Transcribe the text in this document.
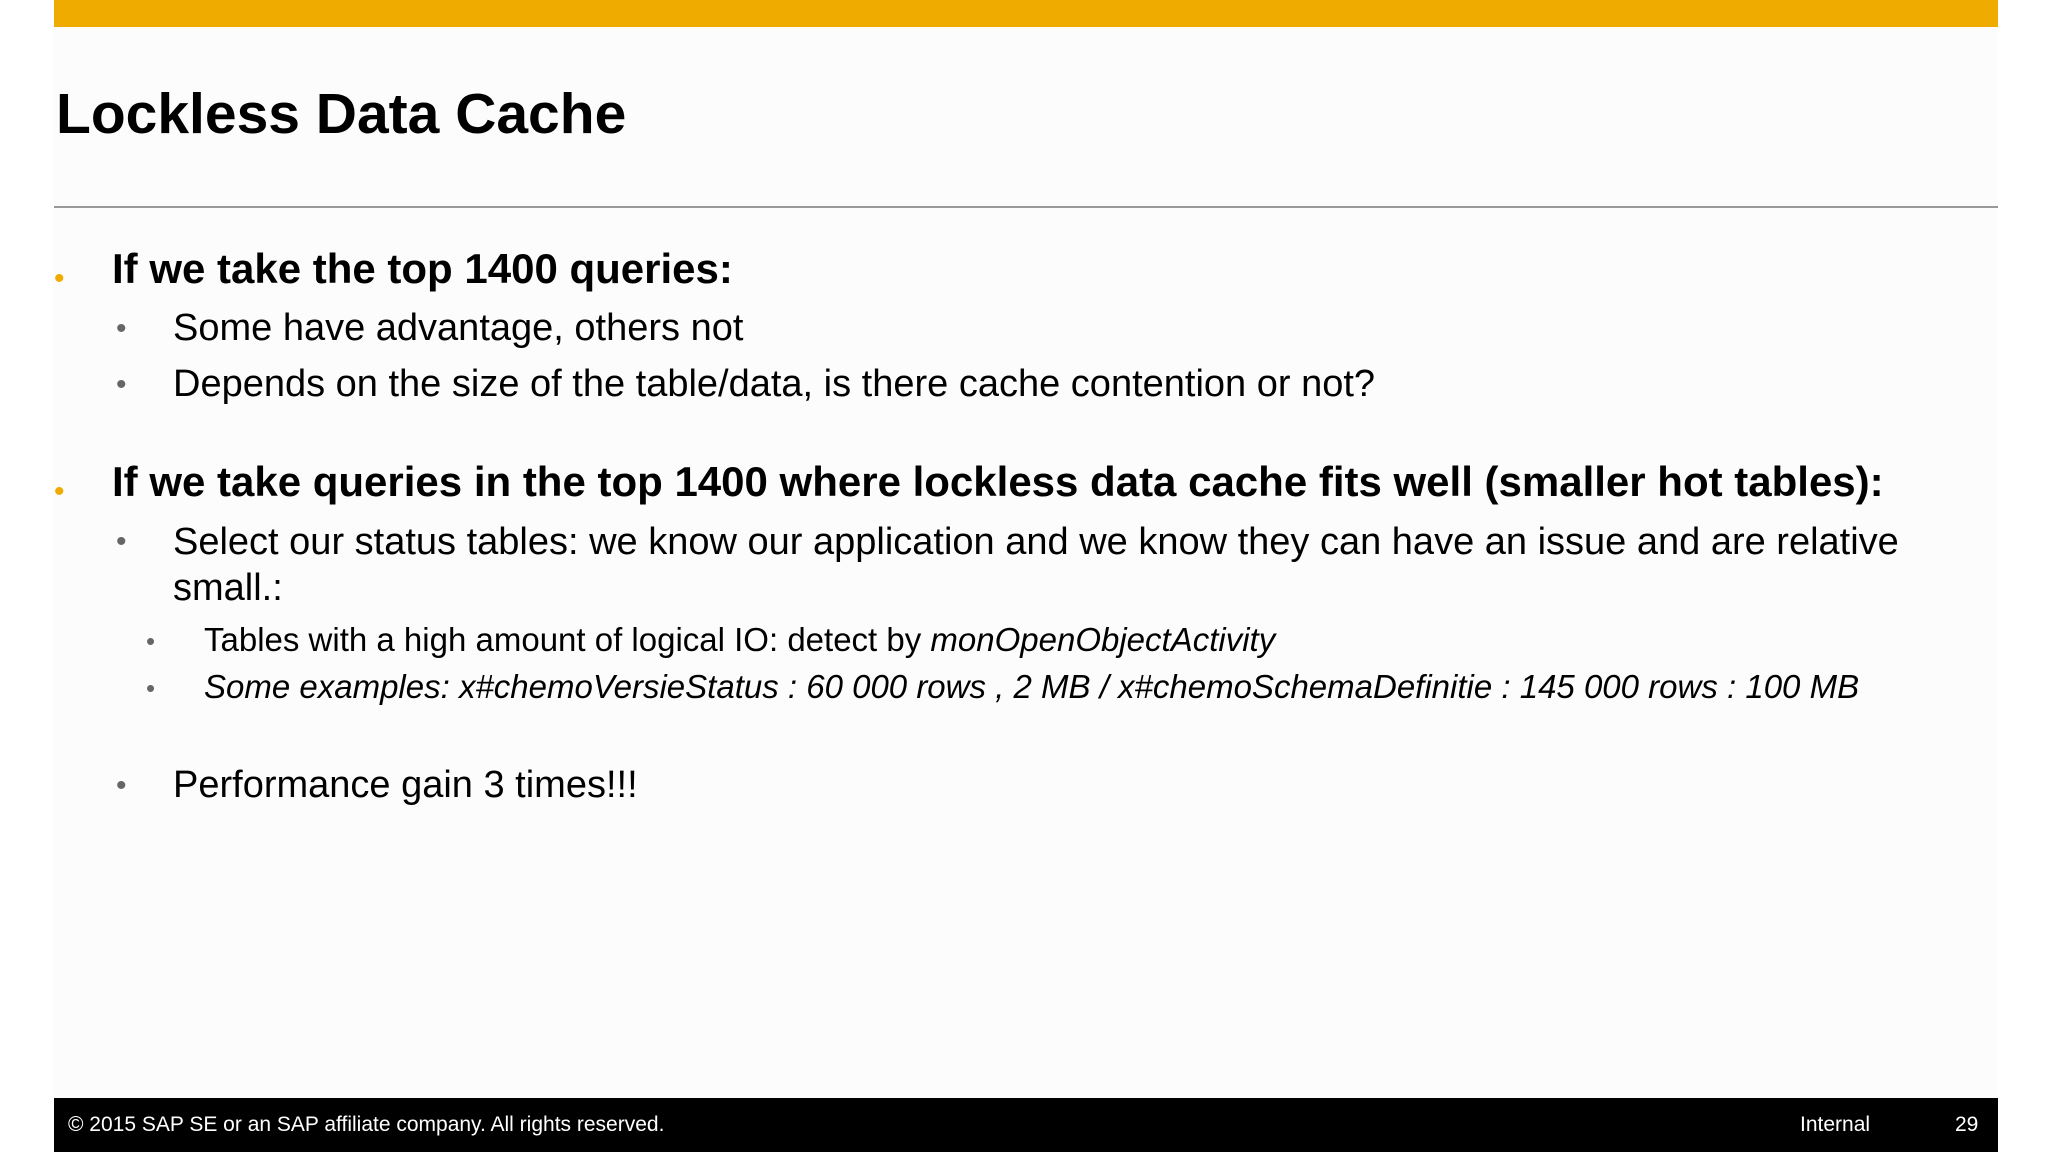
Lockless Data Cache
• If we take the top 1400 queries:
• Some have advantage, others not
• Depends on the size of the table/data, is there cache contention or not?
• If we take queries in the top 1400 where lockless data cache fits well (smaller hot tables):
• Select our status tables: we know our application and we know they can have an issue and are relative small.:
• Tables with a high amount of logical IO: detect by monOpenObjectActivity
• Some examples: x#chemoVersieStatus : 60 000 rows , 2 MB / x#chemoSchemaDefinitie : 145 000 rows : 100 MB
• Performance gain 3 times!!!
© 2015 SAP SE or an SAP affiliate company. All rights reserved.	Internal	29
